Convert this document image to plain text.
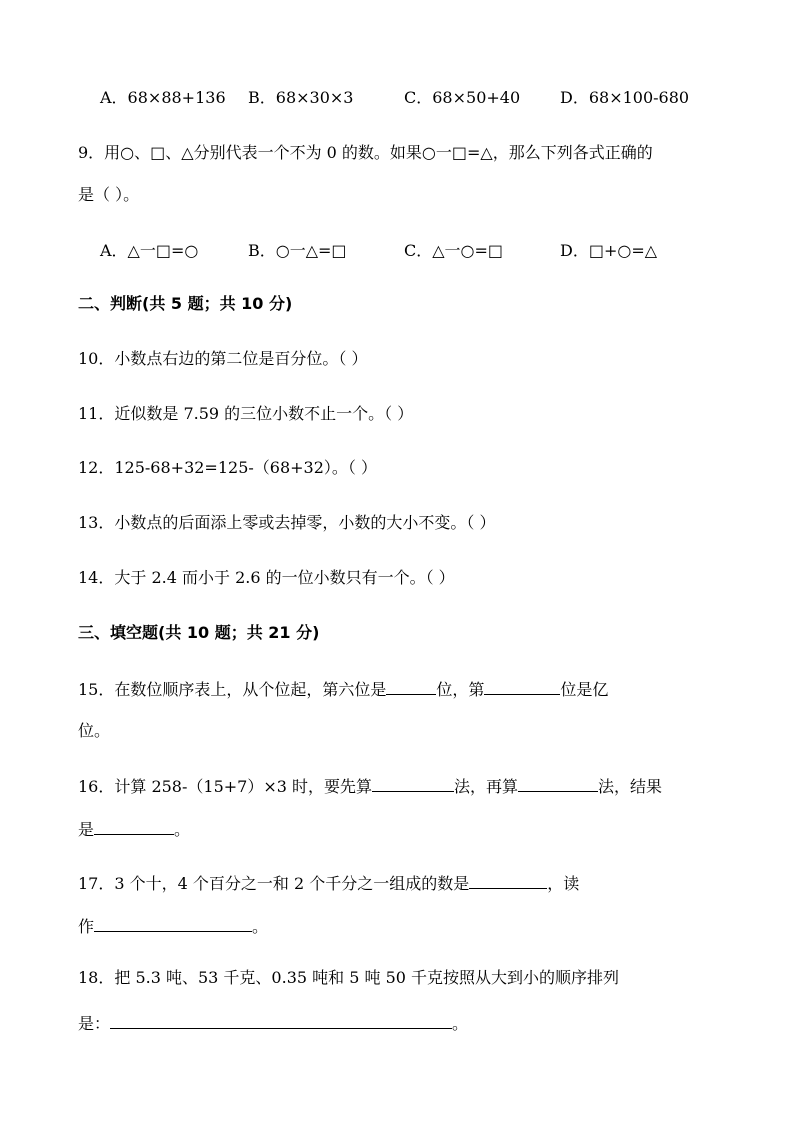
A．68×88+136 B．68×30×3	C．68×50+40 D．68×100-680
9．用○、□、△分别代表一个不为 0 的数。如果○一□=△，那么下列各式正确的
是（ ）。
A．△一□=○	B．○一△=□	C．△一○=□	D．□+○=△
二、判断(共 5 题；共 10 分)
10．小数点右边的第二位是百分位。（ ）
11．近似数是 7.59 的三位小数不止一个。（ ）
12．125-68+32=125-（68+32）。（ ）
13．小数点的后面添上零或去掉零，小数的大小不变。（ ）
14．大于 2.4 而小于 2.6 的一位小数只有一个。（ ）
三、填空题(共 10 题；共 21 分)
15．在数位顺序表上，从个位起，第六位是	位，第	位是亿
位。
16．计算 258-（15+7）×3 时，要先算	法，再算	法，结果
是	。
17．3 个十，4 个百分之一和 2 个千分之一组成的数是	，读
作	。
18．把 5.3 吨、53 千克、0.35 吨和 5 吨 50 千克按照从大到小的顺序排列
是：	。
